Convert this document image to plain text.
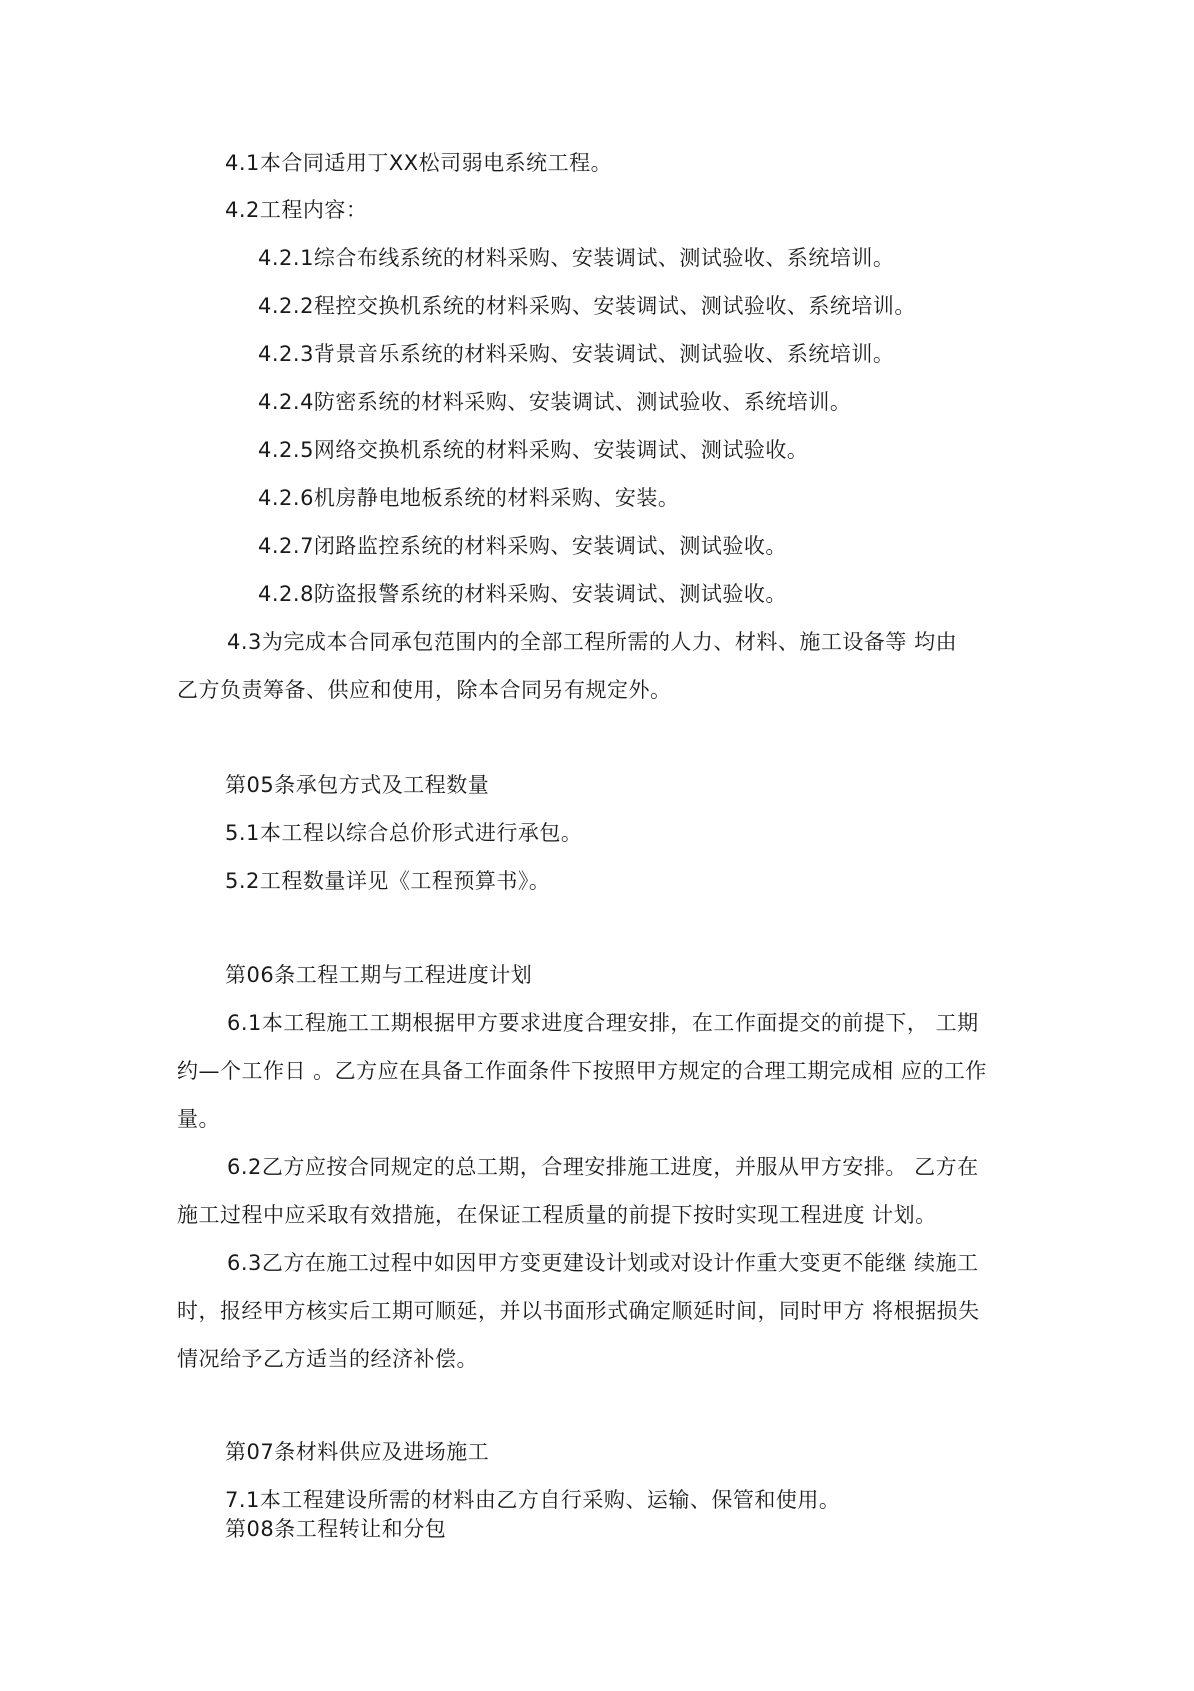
4.1本合同适用丁XX松司弱电系统工程。
4.2工程内容：
4.2.1综合布线系统的材料采购、安装调试、测试验收、系统培训。
4.2.2程控交换机系统的材料采购、安装调试、测试验收、系统培训。
4.2.3背景音乐系统的材料采购、安装调试、测试验收、系统培训。
4.2.4防密系统的材料采购、安装调试、测试验收、系统培训。
4.2.5网络交换机系统的材料采购、安装调试、测试验收。
4.2.6机房静电地板系统的材料采购、安装。
4.2.7闭路监控系统的材料采购、安装调试、测试验收。
4.2.8防盗报警系统的材料采购、安装调试、测试验收。
4.3为完成本合同承包范围内的全部工程所需的人力、材料、施工设备等 均由
乙方负责筹备、供应和使用，除本合同另有规定外。
第05条承包方式及工程数量
5.1本工程以综合总价形式进行承包。
5.2工程数量详见《工程预算书》。
第06条工程工期与工程进度计划
6.1本工程施工工期根据甲方要求进度合理安排，在工作面提交的前提下， 工期
约—个工作日 。乙方应在具备工作面条件下按照甲方规定的合理工期完成相 应的工作
量。
6.2乙方应按合同规定的总工期，合理安排施工进度，并服从甲方安排。 乙方在
施工过程中应采取有效措施，在保证工程质量的前提下按时实现工程进度 计划。
6.3乙方在施工过程中如因甲方变更建设计划或对设计作重大变更不能继 续施工
时，报经甲方核实后工期可顺延，并以书面形式确定顺延时间，同时甲方 将根据损失
情况给予乙方适当的经济补偿。
第07条材料供应及进场施工
7.1本工程建设所需的材料由乙方自行采购、运输、保管和使用。
第08条工程转让和分包
